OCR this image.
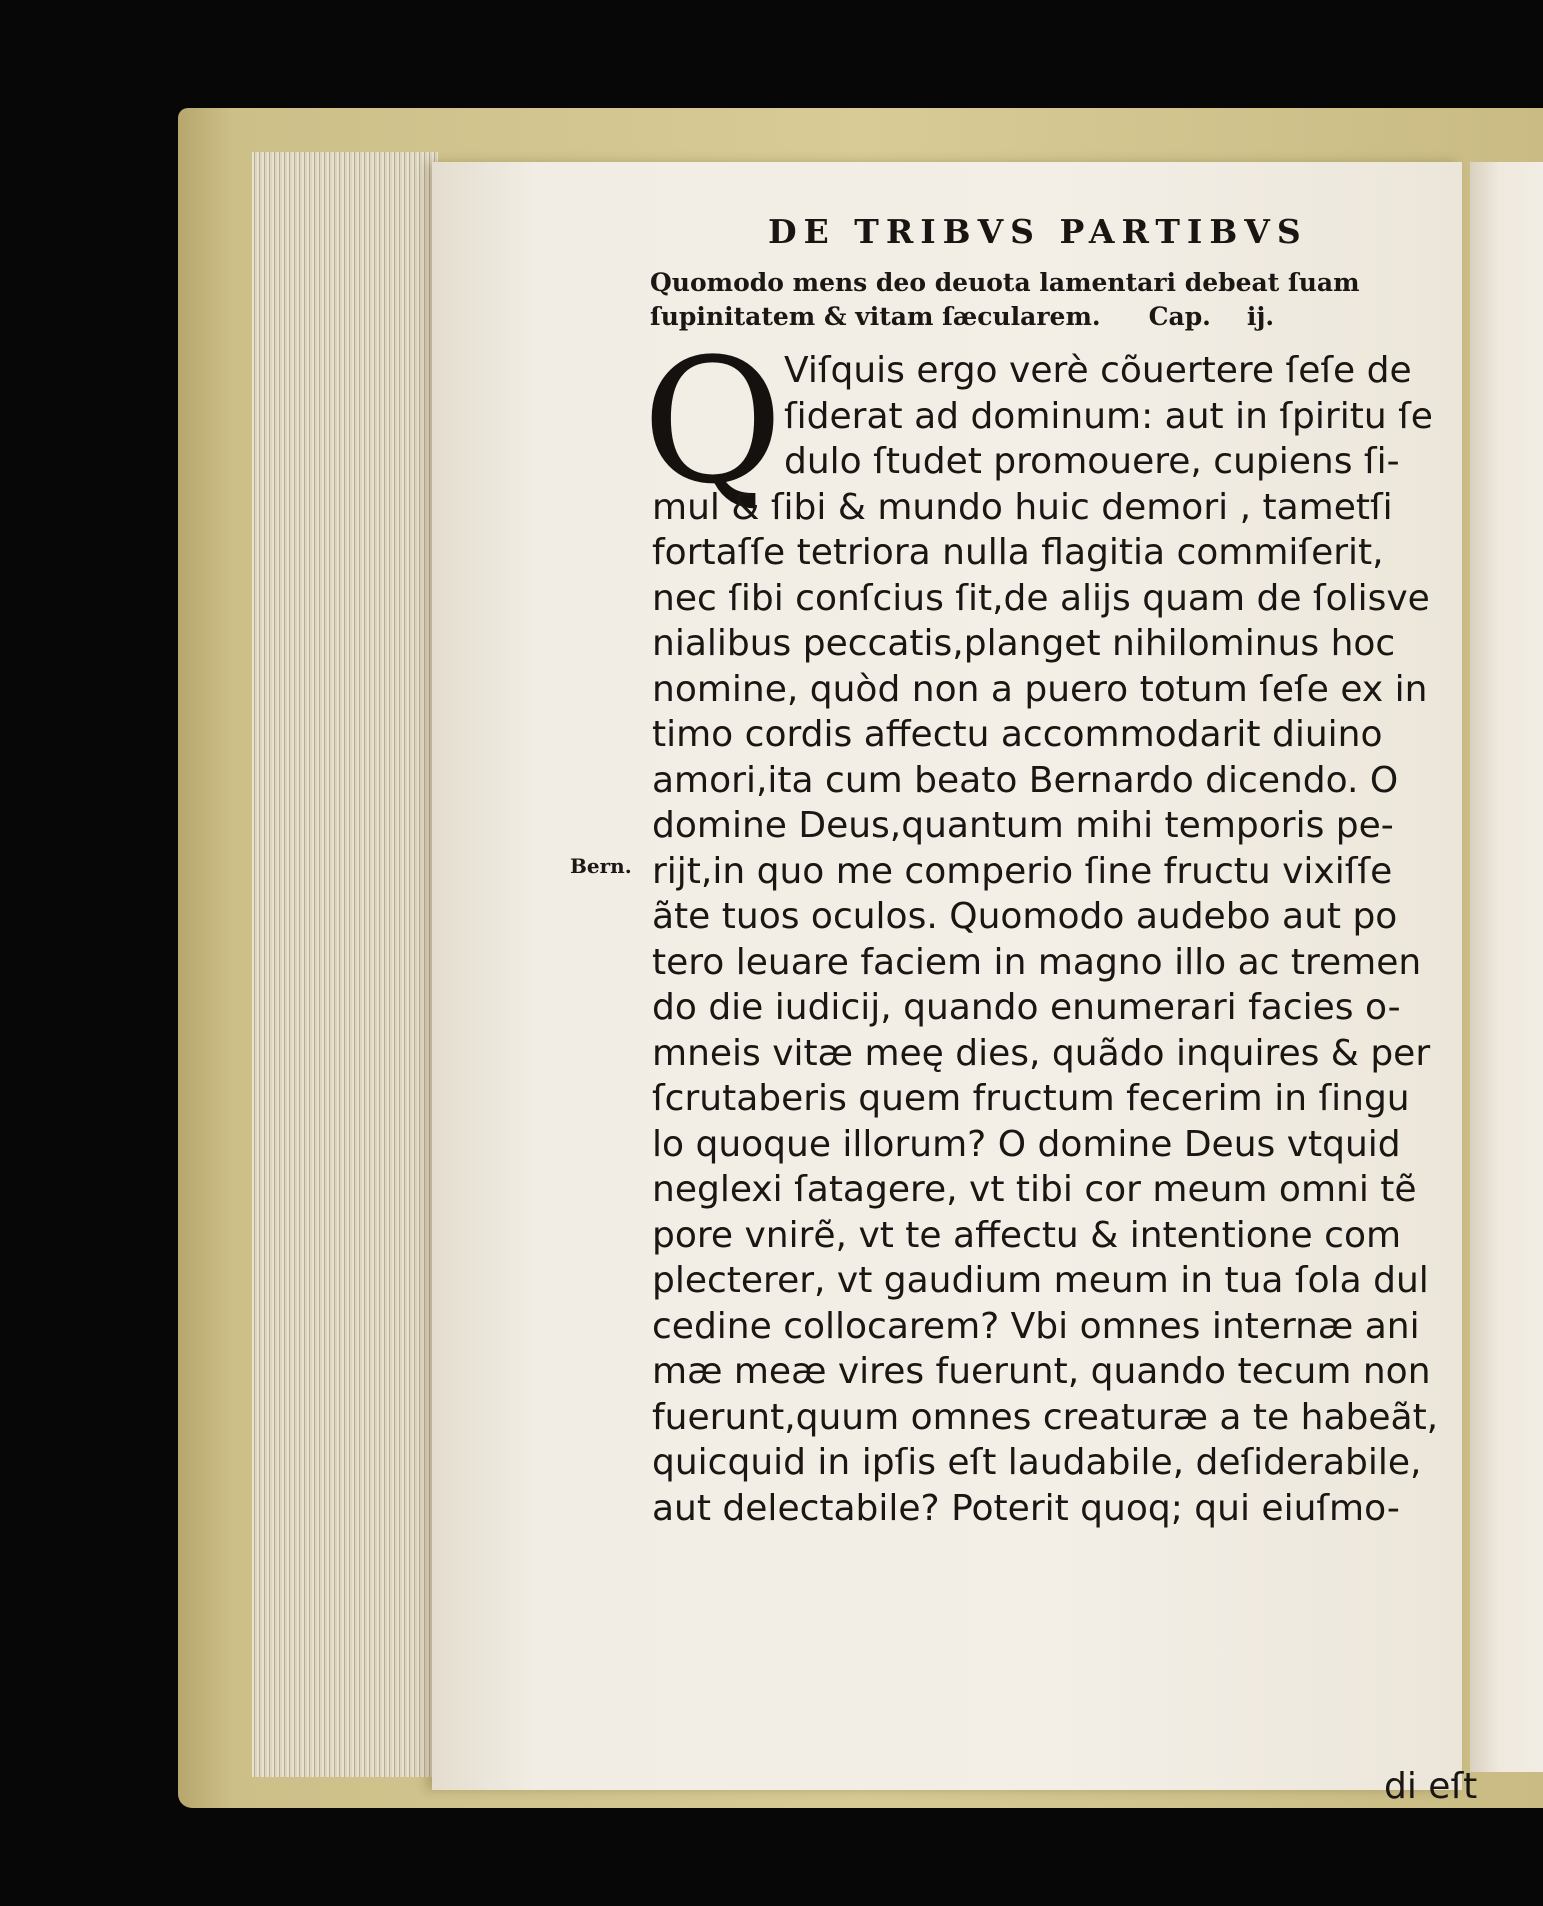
DE TRIBVS PARTIBVS
Quomodo mens deo deuota lamentari debeat ſuam
ſupinitatem & vitam ſæcularem. Cap. ij.
Q
Bern.
Viſquis ergo verè cõuertere ſeſe de
ſiderat ad dominum: aut in ſpiritu ſe
dulo ſtudet promouere, cupiens ſi-
mul & ſibi & mundo huic demori , tametſi
fortaſſe tetriora nulla flagitia commiſerit,
nec ſibi conſcius ſit,de alijs quam de ſolisve
nialibus peccatis,planget nihilominus hoc
nomine, quòd non a puero totum ſeſe ex in
timo cordis affectu accommodarit diuino
amori,ita cum beato Bernardo dicendo. O
domine Deus,quantum mihi temporis pe-
rijt,in quo me comperio ſine fructu vixiſſe
ãte tuos oculos. Quomodo audebo aut po
tero leuare faciem in magno illo ac tremen
do die iudicij, quando enumerari facies o-
mneis vitæ meę dies, quãdo inquires & per
ſcrutaberis quem fructum fecerim in ſingu
lo quoque illorum? O domine Deus vtquid
neglexi ſatagere, vt tibi cor meum omni tẽ
pore vnirẽ, vt te affectu & intentione com
plecterer, vt gaudium meum in tua ſola dul
cedine collocarem? Vbi omnes internæ ani
mæ meæ vires fuerunt, quando tecum non
fuerunt,quum omnes creaturæ a te habeãt,
quicquid in ipſis eſt laudabile, deſiderabile,
aut delectabile? Poterit quoq; qui eiuſmo-
di eſt
